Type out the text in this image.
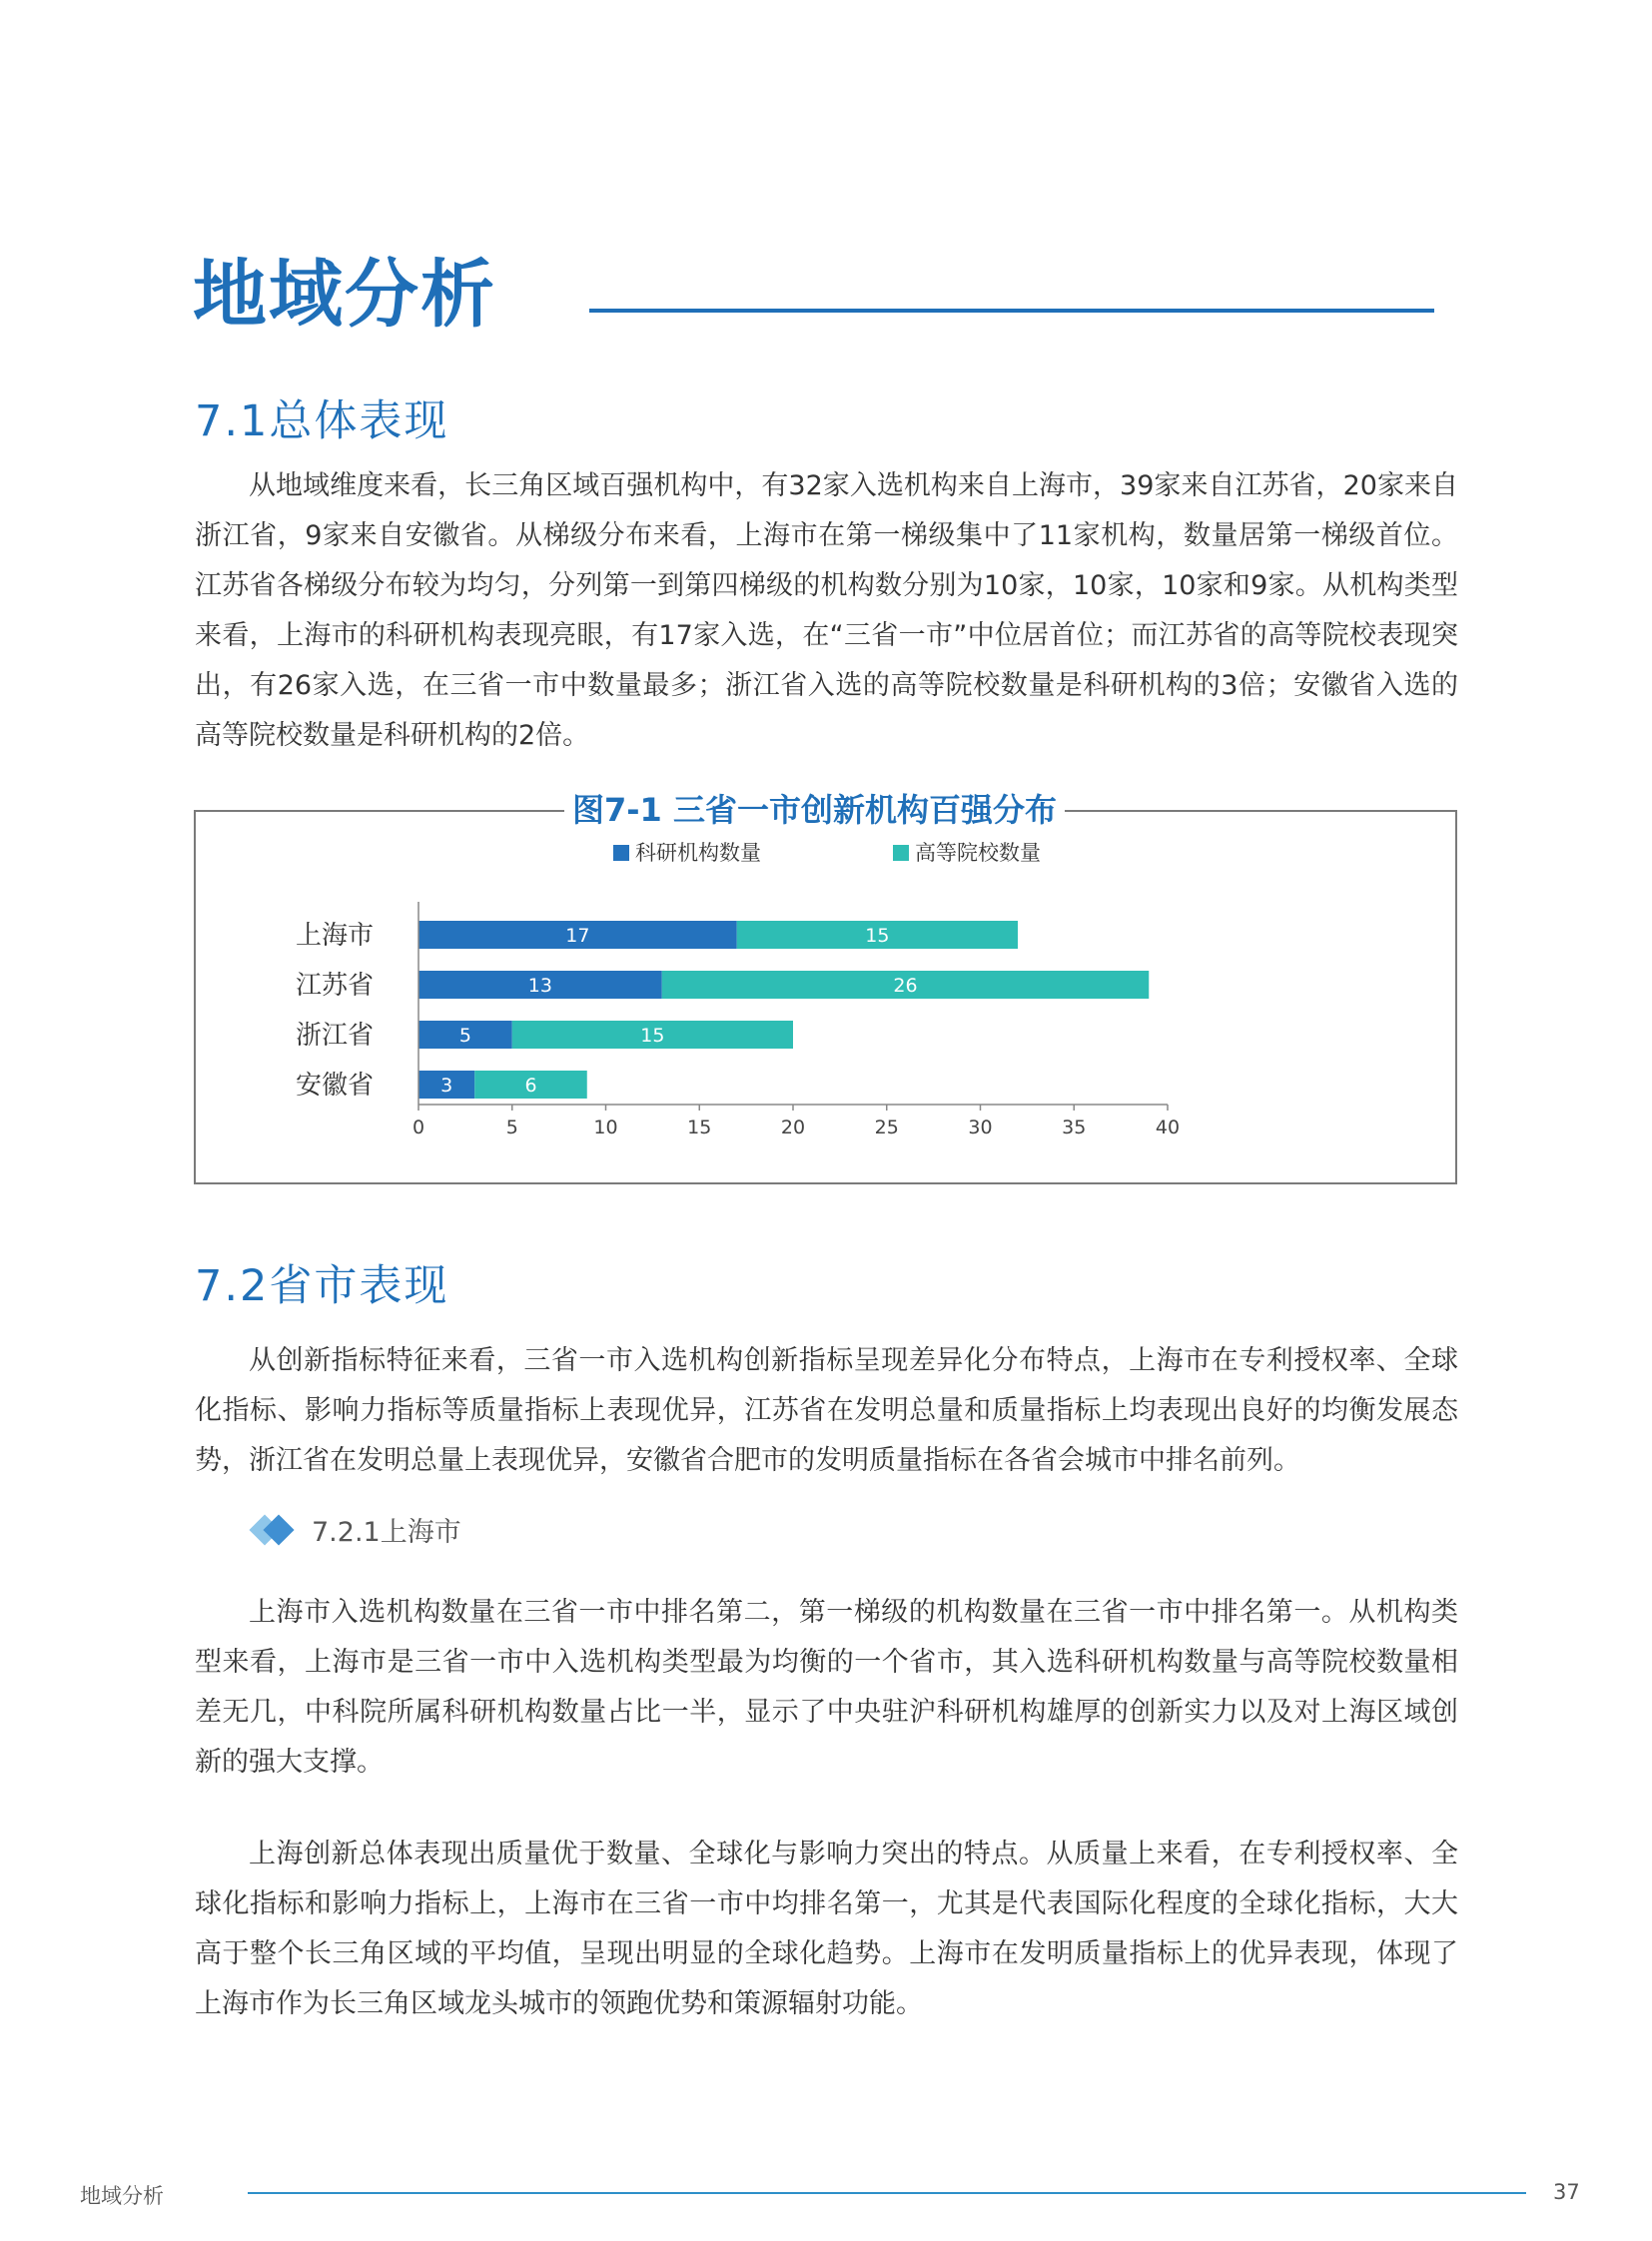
地域分析
7.1总体表现
从地域维度来看，长三角区域百强机构中，有32家入选机构来自上海市，39家来自江苏省，20家来自浙江省，9家来自安徽省。从梯级分布来看，上海市在第一梯级集中了11家机构，数量居第一梯级首位。江苏省各梯级分布较为均匀，分列第一到第四梯级的机构数分别为10家，10家，10家和9家。从机构类型来看，上海市的科研机构表现亮眼，有17家入选，在“三省一市”中位居首位；而江苏省的高等院校表现突出，有26家入选，在三省一市中数量最多；浙江省入选的高等院校数量是科研机构的3倍；安徽省入选的高等院校数量是科研机构的2倍。
图7-1 三省一市创新机构百强分布
科研机构数量	高等院校数量
上海市	17	15
江苏省	13	26
浙江省	5	15
安徽省	3	6
0	5	10	15	20	25	30	35	40
7.2省市表现
从创新指标特征来看，三省一市入选机构创新指标呈现差异化分布特点，上海市在专利授权率、全球化指标、影响力指标等质量指标上表现优异，江苏省在发明总量和质量指标上均表现出良好的均衡发展态势，浙江省在发明总量上表现优异，安徽省合肥市的发明质量指标在各省会城市中排名前列。
7.2.1上海市
上海市入选机构数量在三省一市中排名第二，第一梯级的机构数量在三省一市中排名第一。从机构类型来看，上海市是三省一市中入选机构类型最为均衡的一个省市，其入选科研机构数量与高等院校数量相差无几，中科院所属科研机构数量占比一半，显示了中央驻沪科研机构雄厚的创新实力以及对上海区域创新的强大支撑。
上海创新总体表现出质量优于数量、全球化与影响力突出的特点。从质量上来看，在专利授权率、全球化指标和影响力指标上，上海市在三省一市中均排名第一，尤其是代表国际化程度的全球化指标，大大高于整个长三角区域的平均值，呈现出明显的全球化趋势。上海市在发明质量指标上的优异表现，体现了上海市作为长三角区域龙头城市的领跑优势和策源辐射功能。
地域分析	37
